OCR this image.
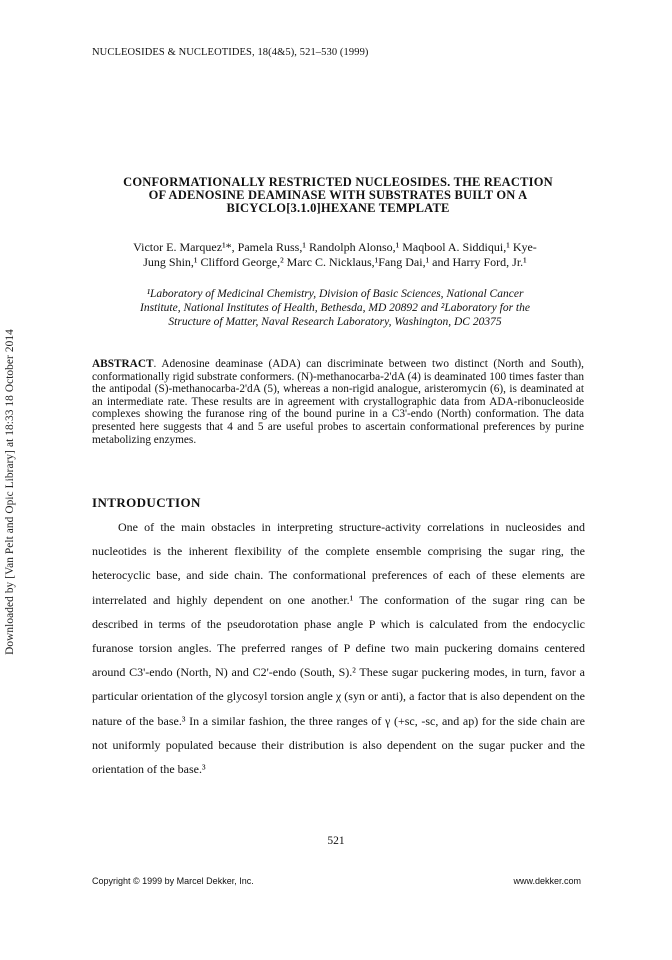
NUCLEOSIDES & NUCLEOTIDES, 18(4&5), 521–530 (1999)
CONFORMATIONALLY RESTRICTED NUCLEOSIDES. THE REACTION
OF ADENOSINE DEAMINASE WITH SUBSTRATES BUILT ON A
BICYCLO[3.1.0]HEXANE TEMPLATE
Victor E. Marquez¹*, Pamela Russ,¹ Randolph Alonso,¹ Maqbool A. Siddiqui,¹ Kye-
Jung Shin,¹ Clifford George,² Marc C. Nicklaus,¹Fang Dai,¹ and Harry Ford, Jr.¹
¹Laboratory of Medicinal Chemistry, Division of Basic Sciences, National Cancer
Institute, National Institutes of Health, Bethesda, MD 20892 and ²Laboratory for the
Structure of Matter, Naval Research Laboratory, Washington, DC 20375
ABSTRACT. Adenosine deaminase (ADA) can discriminate between two distinct (North and South), conformationally rigid substrate conformers. (N)-methanocarba-2'dA (4) is deaminated 100 times faster than the antipodal (S)-methanocarba-2'dA (5), whereas a non-rigid analogue, aristeromycin (6), is deaminated at an intermediate rate. These results are in agreement with crystallographic data from ADA-ribonucleoside complexes showing the furanose ring of the bound purine in a C3'-endo (North) conformation. The data presented here suggests that 4 and 5 are useful probes to ascertain conformational preferences by purine metabolizing enzymes.
INTRODUCTION

One of the main obstacles in interpreting structure-activity correlations in nucleosides and nucleotides is the inherent flexibility of the complete ensemble comprising the sugar ring, the heterocyclic base, and side chain. The conformational preferences of each of these elements are interrelated and highly dependent on one another.¹ The conformation of the sugar ring can be described in terms of the pseudorotation phase angle P which is calculated from the endocyclic furanose torsion angles. The preferred ranges of P define two main puckering domains centered around C3'-endo (North, N) and C2'-endo (South, S).² These sugar puckering modes, in turn, favor a particular orientation of the glycosyl torsion angle χ (syn or anti), a factor that is also dependent on the nature of the base.³ In a similar fashion, the three ranges of γ (+sc, -sc, and ap) for the side chain are not uniformly populated because their distribution is also dependent on the sugar pucker and the orientation of the base.³

521
Copyright © 1999 by Marcel Dekker, Inc.	www.dekker.com
Downloaded by [Van Pelt and Opic Library] at 18:33 18 October 2014
